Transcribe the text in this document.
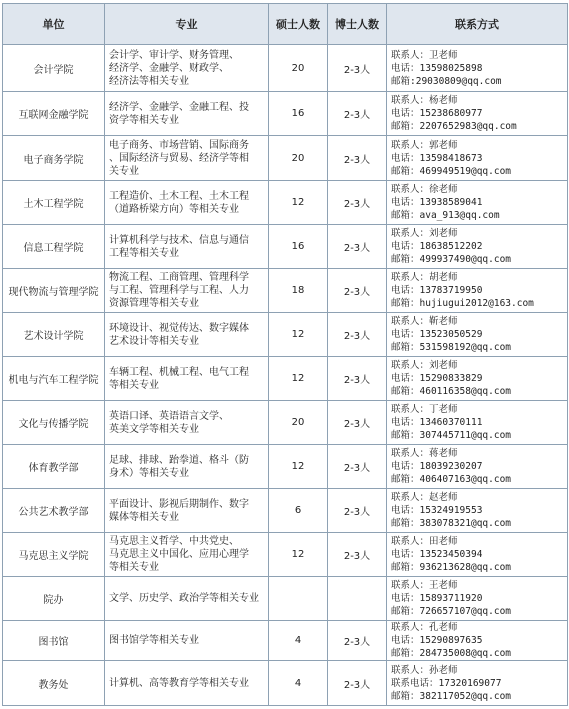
单位	专业	硕士人数	博士人数	联系方式
会计学院	会计学、审计学、财务管理、
经济学、金融学、财政学、
经济法等相关专业	20	2-3人	联系人：卫老师
电话：13598025898
邮箱:29030809@qq.com

互联网金融学院	经济学、金融学、金融工程、投
资学等相关专业	16	2-3人	联系人：杨老师
电话：15238680977
邮箱：2207652983@qq.com

电子商务学院	电子商务、市场营销、国际商务
、国际经济与贸易、经济学等相
关专业	20	2-3人	联系人：郭老师
电话：13598418673
邮箱：469949519@qq.com

土木工程学院	工程造价、土木工程、土木工程
（道路桥梁方向）等相关专业	12	2-3人	联系人：徐老师
电话：13938589041
邮箱：ava_913@qq.com

信息工程学院	计算机科学与技术、信息与通信
工程等相关专业	16	2-3人	联系人：刘老师
电话：18638512202
邮箱：499937490@qq.com

现代物流与管理学院	物流工程、工商管理、管理科学
与工程、管理科学与工程、人力
资源管理等相关专业	18	2-3人	联系人：胡老师
电话：13783719950
邮箱：hujiugui2012@163.com

艺术设计学院	环境设计、视觉传达、数字媒体
艺术设计等相关专业	12	2-3人	联系人：靳老师
电话：13523050529
邮箱：531598192@qq.com

机电与汽车工程学院	车辆工程、机械工程、电气工程
等相关专业	12	2-3人	联系人：刘老师
电话：15290833829
邮箱：460116358@qq.com

文化与传播学院	英语口译、英语语言文学、
英美文学等相关专业	20	2-3人	联系人：丁老师
电话：13460370111
邮箱：307445711@qq.com

体育教学部	足球、排球、跆拳道、格斗（防
身术）等相关专业	12	2-3人	联系人：蒋老师
电话：18039230207
邮箱：406407163@qq.com

公共艺术教学部	平面设计、影视后期制作、数字
媒体等相关专业	6	2-3人	联系人：赵老师
电话：15324919553
邮箱：383078321@qq.com

马克思主义学院	马克思主义哲学、中共党史、
马克思主义中国化、应用心理学
等相关专业	12	2-3人	联系人：田老师
电话：13523450394
邮箱：936213628@qq.com

院办	文学、历史学、政治学等相关专业			联系人：王老师
电话：15893711920
邮箱：726657107@qq.com

图书馆	图书馆学等相关专业	4	2-3人	联系人：孔老师
电话：15290897635
邮箱：284735008@qq.com

教务处	计算机、高等教育学等相关专业	4	2-3人	联系人：孙老师
联系电话：17320169077
邮箱：382117052@qq.com
